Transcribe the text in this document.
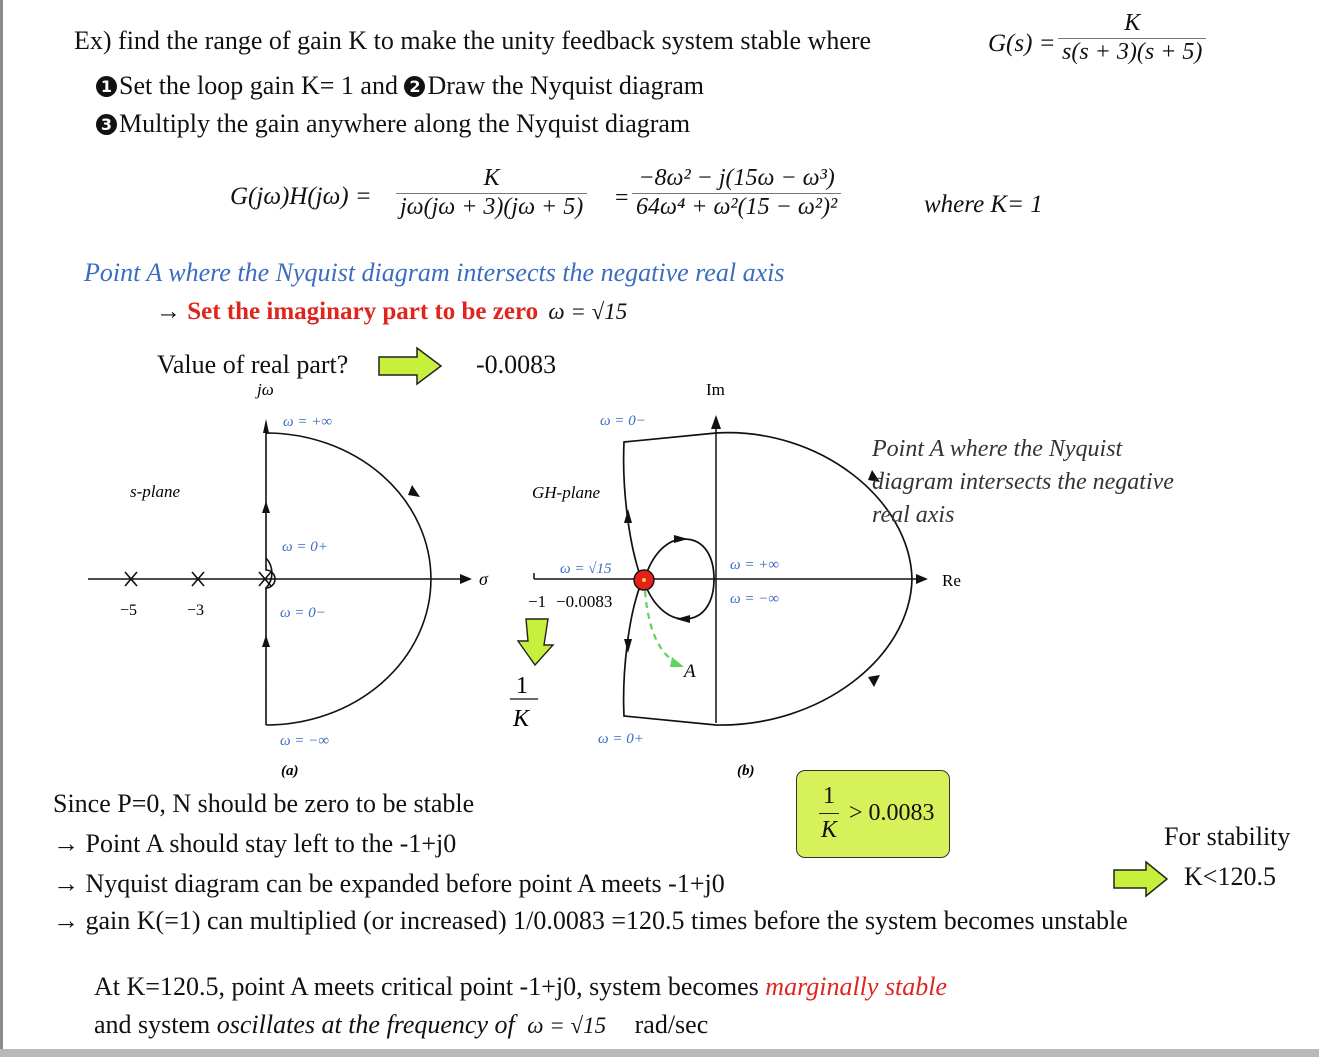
Ex) find the range of gain K to make the unity feedback system stable where	$G(s) = \frac{K}{s(s + 3)(s + 5)}$
1 Set the loop gain K= 1 and 2 Draw the Nyquist diagram
3 Multiply the gain anywhere along the Nyquist diagram
$G(j\omega)H(j\omega) = \frac{K}{j\omega(j\omega + 3)(j\omega + 5)} = \frac{\text{−8ω² − j(15ω − ω³)}}{\text{64ω⁴ + ω²(15 − ω²)²}}$	where K= 1
Point A where the Nyquist diagram intersects the negative real axis
→ Set the imaginary part to be zero ω = √15
Value of real part?	-0.0083
jω
s-plane
σ
ω = +∞
ω = 0+
ω = 0−
ω = −∞
−5	−3
(a)
Im
Re
GH-plane
ω = 0−
ω = 0+
ω = √15	ω = +∞
ω = −∞
−1 −0.0083
A
1
K
(b)
Point A where the Nyquist
diagram intersects the negative
real axis
Since P=0, N should be zero to be stable
→ Point A should stay left to the -1+j0
→ Nyquist diagram can be expanded before point A meets -1+j0
→ gain K(=1) can multiplied (or increased) 1/0.0083 =120.5 times before the system becomes unstable
1
K
> 0.0083
For stability
K<120.5
At K=120.5, point A meets critical point -1+j0, system becomes marginally stable
and system oscillates at the frequency of ω = √15 rad/sec
